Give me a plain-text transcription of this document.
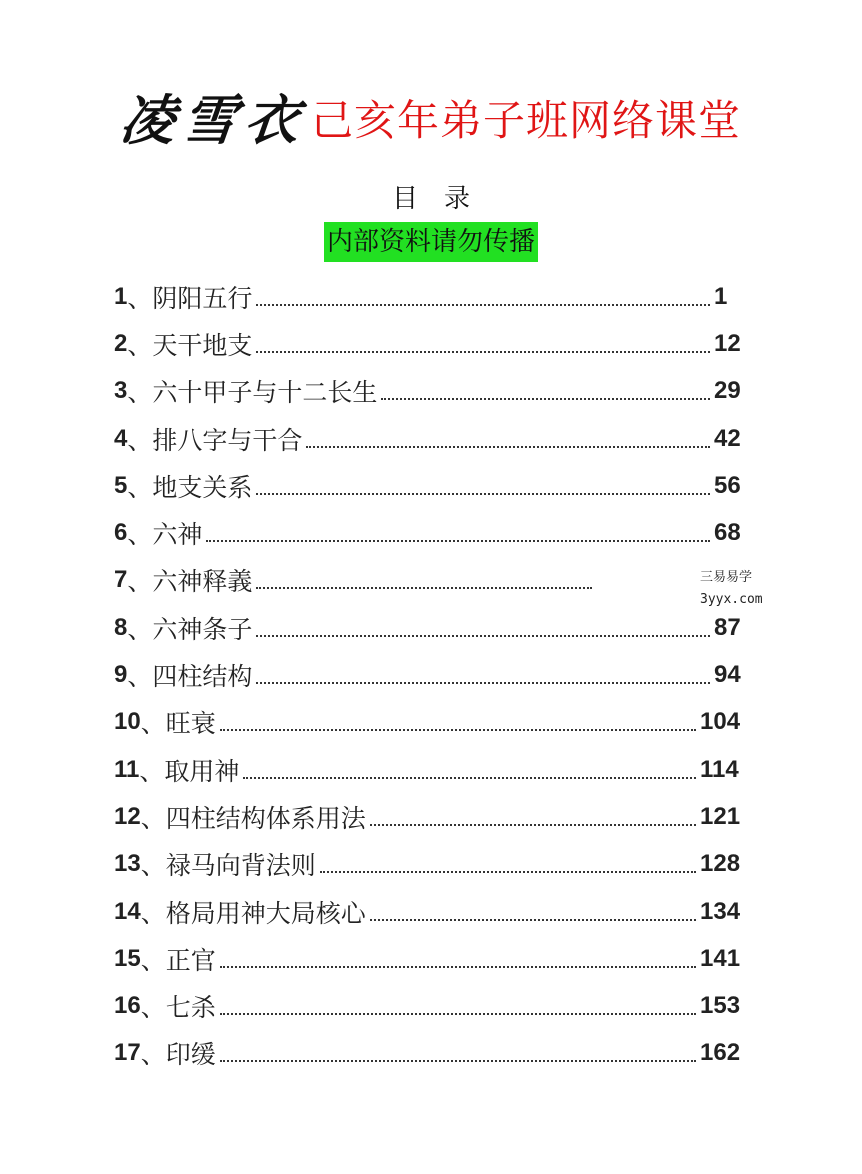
凌雪衣己亥年弟子班网络课堂
目录
内部资料请勿传播
1 、 阴阳五行	1
2 、 天干地支	12
3 、 六十甲子与十二长生	29
4 、 排八字与干合	42
5 、 地支关系	56
6 、 六神	68
7 、 六神释義
8 、 六神条子	87
9 、 四柱结构	94
10 、 旺衰	104
11 、 取用神	114
12 、 四柱结构体系用法	121
13 、 禄马向背法则	128
14 、 格局用神大局核心	134
15 、 正官	141
16 、 七杀	153
17 、 印缓	162
三易易学
3yyx.com
